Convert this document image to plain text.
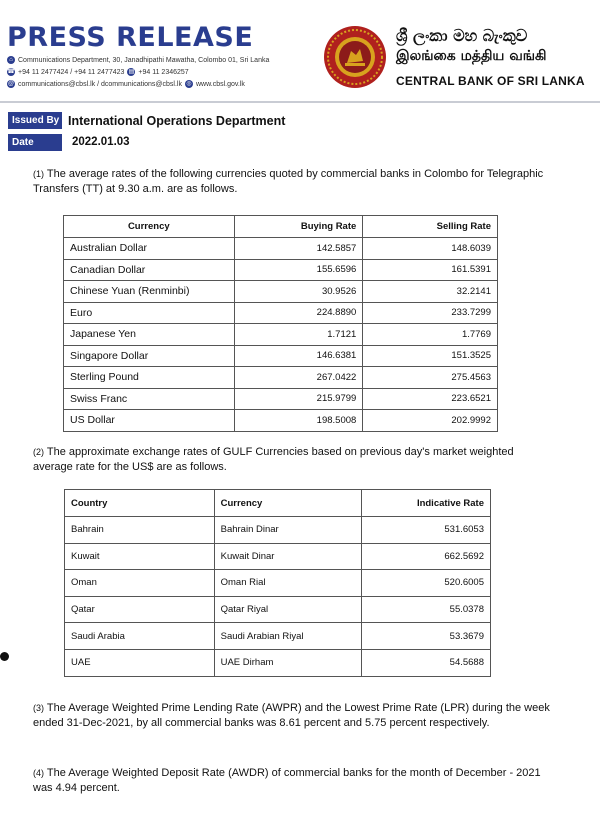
PRESS RELEASE
⌂ Communications Department, 30, Janadhipathi Mawatha, Colombo 01, Sri Lanka
☎ +94 11 2477424 / +94 11 2477423 ▤ +94 11 2346257
@ communications@cbsl.lk / dcommunications@cbsl.lk ◎ www.cbsl.gov.lk
ශ්‍රී ලංකා මහ බැංකුව
இலங்கை மத்திய வங்கி
CENTRAL BANK OF SRI LANKA
Issued By International Operations Department
Date	2022.01.03
(1) The average rates of the following currencies quoted by commercial banks in Colombo for Telegraphic Transfers (TT) at 9.30 a.m. are as follows.
Currency	Buying Rate	Selling Rate
Australian Dollar	142.5857	148.6039
Canadian Dollar	155.6596	161.5391
Chinese Yuan (Renminbi)	30.9526	32.2141
Euro	224.8890	233.7299
Japanese Yen	1.7121	1.7769
Singapore Dollar	146.6381	151.3525
Sterling Pound	267.0422	275.4563
Swiss Franc	215.9799	223.6521
US Dollar	198.5008	202.9992
(2) The approximate exchange rates of GULF Currencies based on previous day's market weighted average rate for the US$ are as follows.
Country	Currency	Indicative Rate
Bahrain	Bahrain Dinar	531.6053
Kuwait	Kuwait Dinar	662.5692
Oman	Oman Rial	520.6005
Qatar	Qatar Riyal	55.0378
Saudi Arabia	Saudi Arabian Riyal	53.3679
UAE	UAE Dirham	54.5688
(3) The Average Weighted Prime Lending Rate (AWPR) and the Lowest Prime Rate (LPR) during the week ended 31-Dec-2021, by all commercial banks was 8.61 percent and 5.75 percent respectively.
(4) The Average Weighted Deposit Rate (AWDR) of commercial banks for the month of December - 2021 was 4.94 percent.
